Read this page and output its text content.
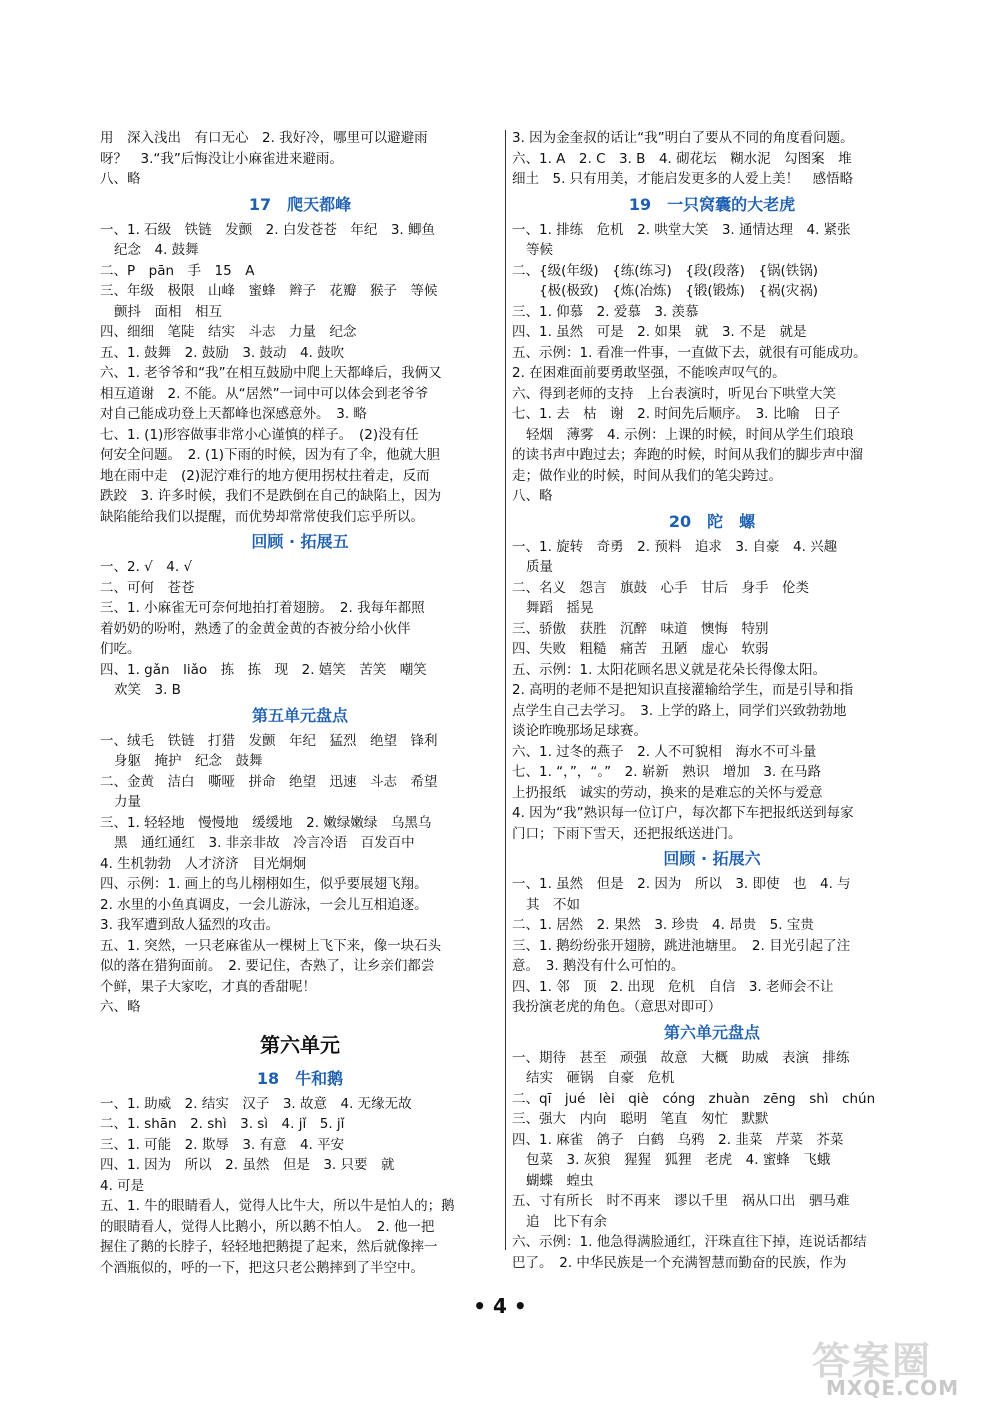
用　深入浅出　有口无心　2. 我好冷，哪里可以避避雨
呀？　3.“我”后悔没让小麻雀进来避雨。
八、略
17　爬天都峰
一、1. 石级　铁链　发颤　2. 白发苍苍　年纪　3. 鲫鱼
纪念　4. 鼓舞
二、P　pān　手　15　A
三、年级　极限　山峰　蜜蜂　辫子　花瓣　猴子　等候
颤抖　面相　相互
四、细细　笔陡　结实　斗志　力量　纪念
五、1. 鼓舞　2. 鼓励　3. 鼓动　4. 鼓吹
六、1. 老爷爷和“我”在相互鼓励中爬上天都峰后，我俩又
相互道谢　2. 不能。从“居然”一词中可以体会到老爷爷
对自己能成功登上天都峰也深感意外。　3. 略
七、1. (1)形容做事非常小心谨慎的样子。　(2)没有任
何安全问题。　2. (1)下雨的时候，因为有了伞，他就大胆
地在雨中走　(2)泥泞难行的地方便用拐杖拄着走，反而
跌跤　3. 许多时候，我们不是跌倒在自己的缺陷上，因为
缺陷能给我们以提醒，而优势却常常使我们忘乎所以。
回顾 · 拓展五
一、2. √　4. √
二、可何　苍苍
三、1. 小麻雀无可奈何地拍打着翅膀。　2. 我每年都照
着奶奶的吩咐，熟透了的金黄金黄的杏被分给小伙伴
们吃。
四、1. gǎn　liǎo　拣　拣　现　2. 嬉笑　苦笑　嘲笑
欢笑　3. B
第五单元盘点
一、绒毛　铁链　打猎　发颤　年纪　猛烈　绝望　锋利
身躯　掩护　纪念　鼓舞
二、金黄　洁白　嘶哑　拼命　绝望　迅速　斗志　希望
力量
三、1. 轻轻地　慢慢地　缓缓地　2. 嫩绿嫩绿　乌黑乌
黑　通红通红　3. 非亲非故　冷言冷语　百发百中
4. 生机勃勃　人才济济　目光炯炯
四、示例：1. 画上的鸟儿栩栩如生，似乎要展翅飞翔。
2. 水里的小鱼真调皮，一会儿游泳，一会儿互相追逐。
3. 我军遭到敌人猛烈的攻击。
五、1. 突然，一只老麻雀从一棵树上飞下来，像一块石头
似的落在猎狗面前。　2. 要记住，杏熟了，让乡亲们都尝
个鲜，果子大家吃，才真的香甜呢！
六、略
第六单元
18　牛和鹅
一、1. 助威　2. 结实　汉子　3. 故意　4. 无缘无故
二、1. shān　2. shì　3. sì　4. jǐ　5. jǐ
三、1. 可能　2. 欺辱　3. 有意　4. 平安
四、1. 因为　所以　2. 虽然　但是　3. 只要　就
4. 可是
五、1. 牛的眼睛看人，觉得人比牛大，所以牛是怕人的；鹅
的眼睛看人，觉得人比鹅小，所以鹅不怕人。　2. 他一把
握住了鹅的长脖子，轻轻地把鹅提了起来，然后就像摔一
个酒瓶似的，呼的一下，把这只老公鹅摔到了半空中。
3. 因为金奎叔的话让“我”明白了要从不同的角度看问题。
六、1. A　2. C　3. B　4. 砌花坛　糊水泥　勾图案　堆
细土　5. 只有用美，才能启发更多的人爱上美！　感悟略
19　一只窝囊的大老虎
一、1. 排练　危机　2. 哄堂大笑　3. 通情达理　4. 紧张
等候
二、{级(年级)　{练(练习)　{段(段落)　{锅(铁锅)
　　{极(极致)　{炼(冶炼)　{锻(锻炼)　{祸(灾祸)
三、1. 仰慕　2. 爱慕　3. 羡慕
四、1. 虽然　可是　2. 如果　就　3. 不是　就是
五、示例：1. 看准一件事，一直做下去，就很有可能成功。
2. 在困难面前要勇敢坚强，不能唉声叹气的。
六、得到老师的支持　上台表演时，听见台下哄堂大笑
七、1. 去　枯　谢　2. 时间先后顺序。　3. 比喻　日子
轻烟　薄雾　4. 示例：上课的时候，时间从学生们琅琅
的读书声中跑过去；奔跑的时候，时间从我们的脚步声中溜
走；做作业的时候，时间从我们的笔尖跨过。
八、略
20　陀　螺
一、1. 旋转　奇勇　2. 预料　追求　3. 自豪　4. 兴趣
质量
二、名义　怨言　旗鼓　心手　甘后　身手　伦类
舞蹈　摇晃
三、骄傲　获胜　沉醉　味道　懊悔　特别
四、失败　粗糙　痛苦　丑陋　虚心　软弱
五、示例：1. 太阳花顾名思义就是花朵长得像太阳。
2. 高明的老师不是把知识直接灌输给学生，而是引导和指
点学生自己去学习。　3. 上学的路上，同学们兴致勃勃地
谈论昨晚那场足球赛。
六、1. 过冬的燕子　2. 人不可貌相　海水不可斗量
七、1. “，”，“。”　2. 崭新　熟识　增加　3. 在马路
上扔报纸　诚实的劳动，换来的是难忘的关怀与爱意
4. 因为“我”熟识每一位订户，每次都下车把报纸送到每家
门口；下雨下雪天，还把报纸送进门。
回顾 · 拓展六
一、1. 虽然　但是　2. 因为　所以　3. 即使　也　4. 与
其　不如
二、1. 居然　2. 果然　3. 珍贵　4. 昂贵　5. 宝贵
三、1. 鹅纷纷张开翅膀，跳进池塘里。　2. 目光引起了注
意。　3. 鹅没有什么可怕的。
四、1. 邻　顶　2. 出现　危机　自信　3. 老师会不让
我扮演老虎的角色。（意思对即可）
第六单元盘点
一、期待　甚至　顽强　故意　大概　助威　表演　排练
结实　砸锅　自豪　危机
二、qī　jué　lèi　qiè　cóng　zhuàn　zēng　shì　chún
三、强大　内向　聪明　笔直　匆忙　默默
四、1. 麻雀　鸽子　白鹤　乌鸦　2. 韭菜　芹菜　芥菜
包菜　3. 灰狼　猩猩　狐狸　老虎　4. 蜜蜂　飞蛾
蝴蝶　蝗虫
五、寸有所长　时不再来　谬以千里　祸从口出　驷马难
追　比下有余
六、示例：1. 他急得满脸通红，汗珠直往下掉，连说话都结
巴了。　2. 中华民族是一个充满智慧而勤奋的民族，作为
• 4 •
答案圈
MXQE.COM
